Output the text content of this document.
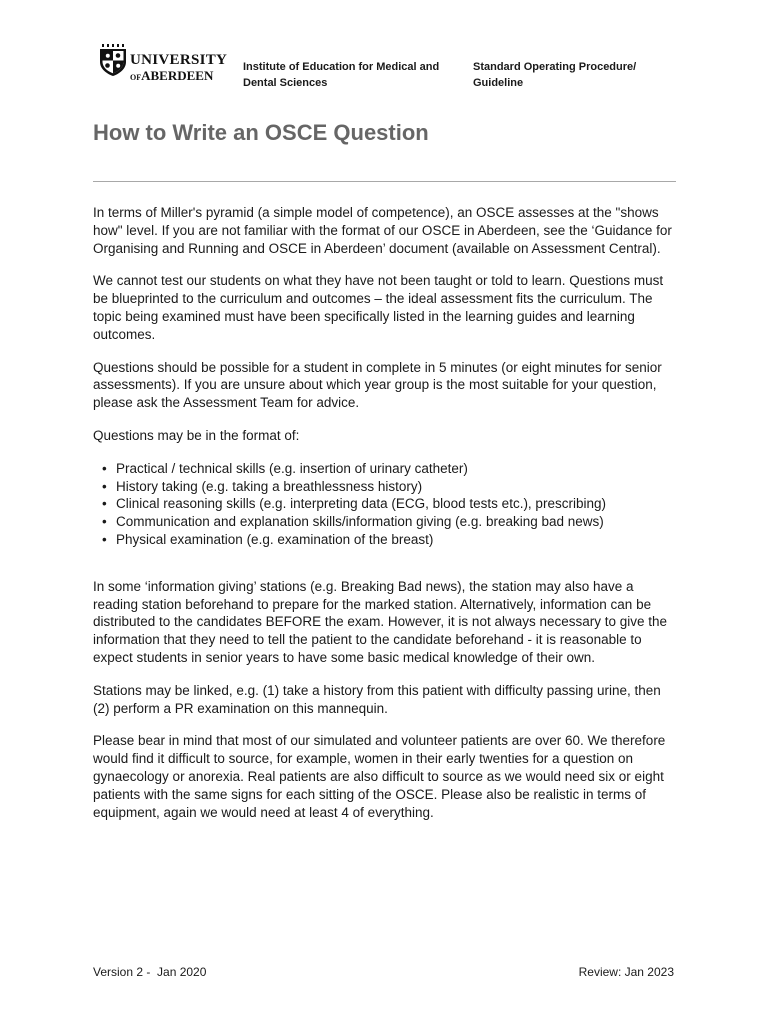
UNIVERSITY
OFABERDEEN
Institute of Education for Medical and Dental Sciences
Standard Operating Procedure/ Guideline
How to Write an OSCE Question

In terms of Miller's pyramid (a simple model of competence), an OSCE assesses at the "shows how" level. If you are not familiar with the format of our OSCE in Aberdeen, see the ‘Guidance for Organising and Running and OSCE in Aberdeen’ document (available on Assessment Central).

We cannot test our students on what they have not been taught or told to learn. Questions must be blueprinted to the curriculum and outcomes – the ideal assessment fits the curriculum. The topic being examined must have been specifically listed in the learning guides and learning outcomes.

Questions should be possible for a student in complete in 5 minutes (or eight minutes for senior assessments). If you are unsure about which year group is the most suitable for your question, please ask the Assessment Team for advice.

Questions may be in the format of:

• Practical / technical skills (e.g. insertion of urinary catheter)
• History taking (e.g. taking a breathlessness history)
• Clinical reasoning skills (e.g. interpreting data (ECG, blood tests etc.), prescribing)
• Communication and explanation skills/information giving (e.g. breaking bad news)
• Physical examination (e.g. examination of the breast)

In some ‘information giving’ stations (e.g. Breaking Bad news), the station may also have a reading station beforehand to prepare for the marked station. Alternatively, information can be distributed to the candidates BEFORE the exam. However, it is not always necessary to give the information that they need to tell the patient to the candidate beforehand - it is reasonable to expect students in senior years to have some basic medical knowledge of their own.

Stations may be linked, e.g. (1) take a history from this patient with difficulty passing urine, then (2) perform a PR examination on this mannequin.

Please bear in mind that most of our simulated and volunteer patients are over 60. We therefore would find it difficult to source, for example, women in their early twenties for a question on gynaecology or anorexia. Real patients are also difficult to source as we would need six or eight patients with the same signs for each sitting of the OSCE. Please also be realistic in terms of equipment, again we would need at least 4 of everything.

Version 2 -  Jan 2020	Review: Jan 2023
